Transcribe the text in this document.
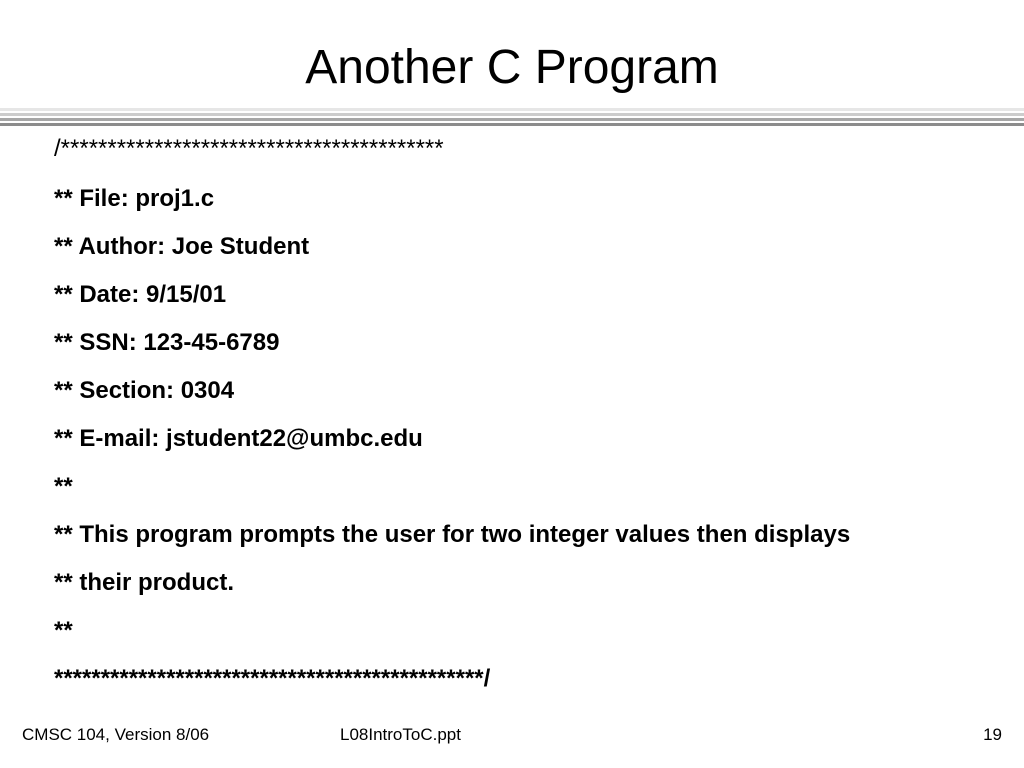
Another C Program
/*****************************************
** File: proj1.c
** Author: Joe Student
** Date: 9/15/01
** SSN: 123-45-6789
** Section: 0304
** E-mail: jstudent22@umbc.edu
**
** This program prompts the user for two integer values then displays
** their product.
**
**********************************************/
CMSC 104, Version 8/06	L08IntroToC.ppt	19
